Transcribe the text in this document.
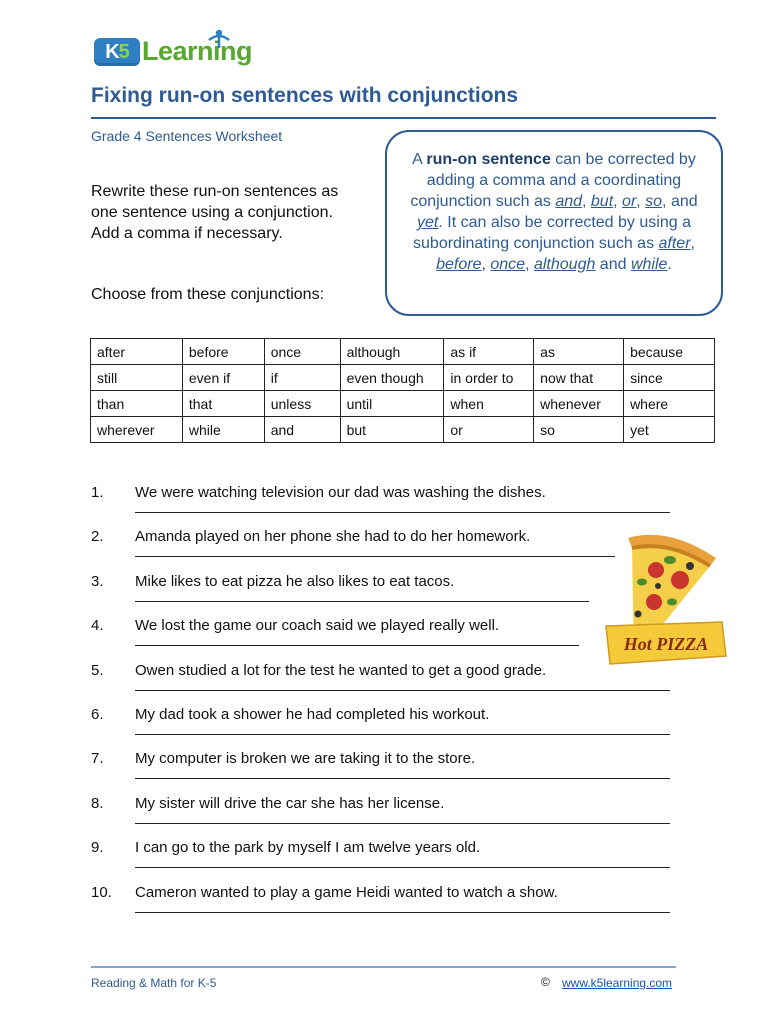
K5 Learning
Fixing run-on sentences with conjunctions
Grade 4 Sentences Worksheet
Rewrite these run-on sentences as one sentence using a conjunction. Add a comma if necessary.
Choose from these conjunctions:
A run-on sentence can be corrected by adding a comma and a coordinating conjunction such as and, but, or, so, and yet. It can also be corrected by using a subordinating conjunction such as after, before, once, although and while.
after	before	once	although	as if	as	because
still	even if	if	even though	in order to	now that	since
than	that	unless	until	when	whenever	where
wherever	while	and	but	or	so	yet
1.	We were watching television our dad was washing the dishes.
2.	Amanda played on her phone she had to do her homework.
3.	Mike likes to eat pizza he also likes to eat tacos.
4.	We lost the game our coach said we played really well.
5.	Owen studied a lot for the test he wanted to get a good grade.
6.	My dad took a shower he had completed his workout.
7.	My computer is broken we are taking it to the store.
8.	My sister will drive the car she has her license.
9.	I can go to the park by myself I am twelve years old.
10.	Cameron wanted to play a game Heidi wanted to watch a show.
Hot PIZZA
Reading & Math for K-5	© www.k5learning.com
